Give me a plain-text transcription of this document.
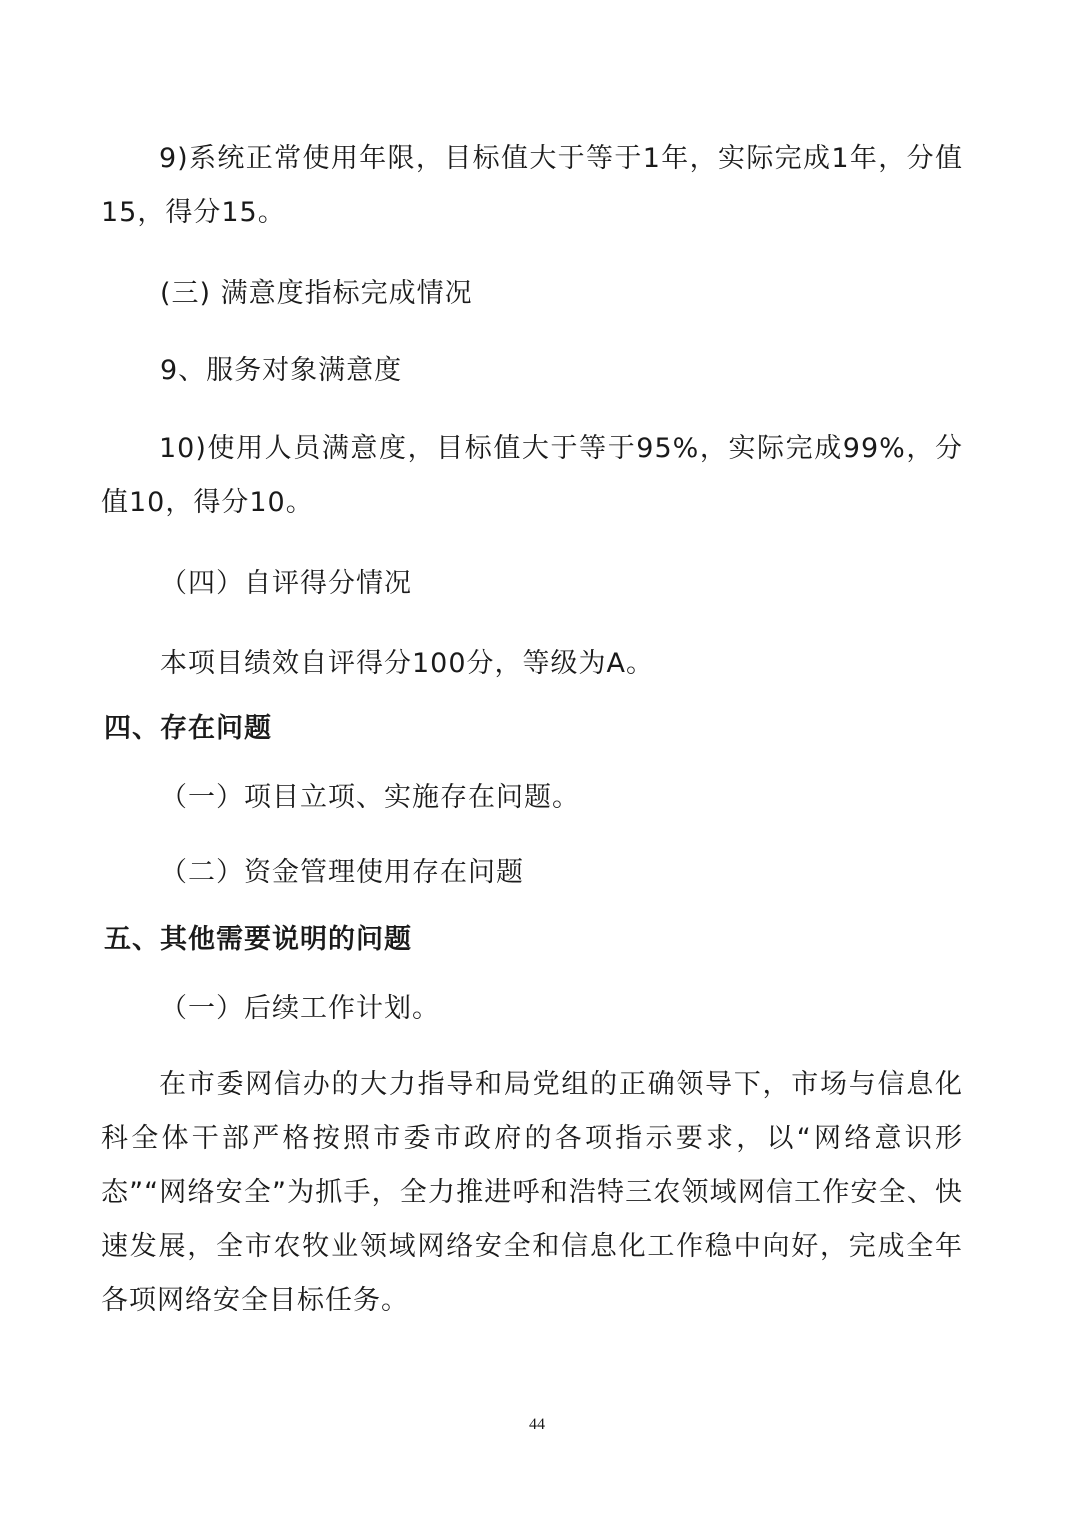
9)系统正常使用年限，目标值大于等于1年，实际完成1年，分值15，得分15。
(三) 满意度指标完成情况
9、服务对象满意度
10)使用人员满意度，目标值大于等于95%，实际完成99%，分值10，得分10。
（四）自评得分情况
本项目绩效自评得分100分，等级为A。
四、存在问题
（一）项目立项、实施存在问题。
（二）资金管理使用存在问题
五、其他需要说明的问题
（一）后续工作计划。
在市委网信办的大力指导和局党组的正确领导下，市场与信息化科全体干部严格按照市委市政府的各项指示要求，以“网络意识形态”“网络安全”为抓手，全力推进呼和浩特三农领域网信工作安全、快速发展，全市农牧业领域网络安全和信息化工作稳中向好，完成全年各项网络安全目标任务。
44
